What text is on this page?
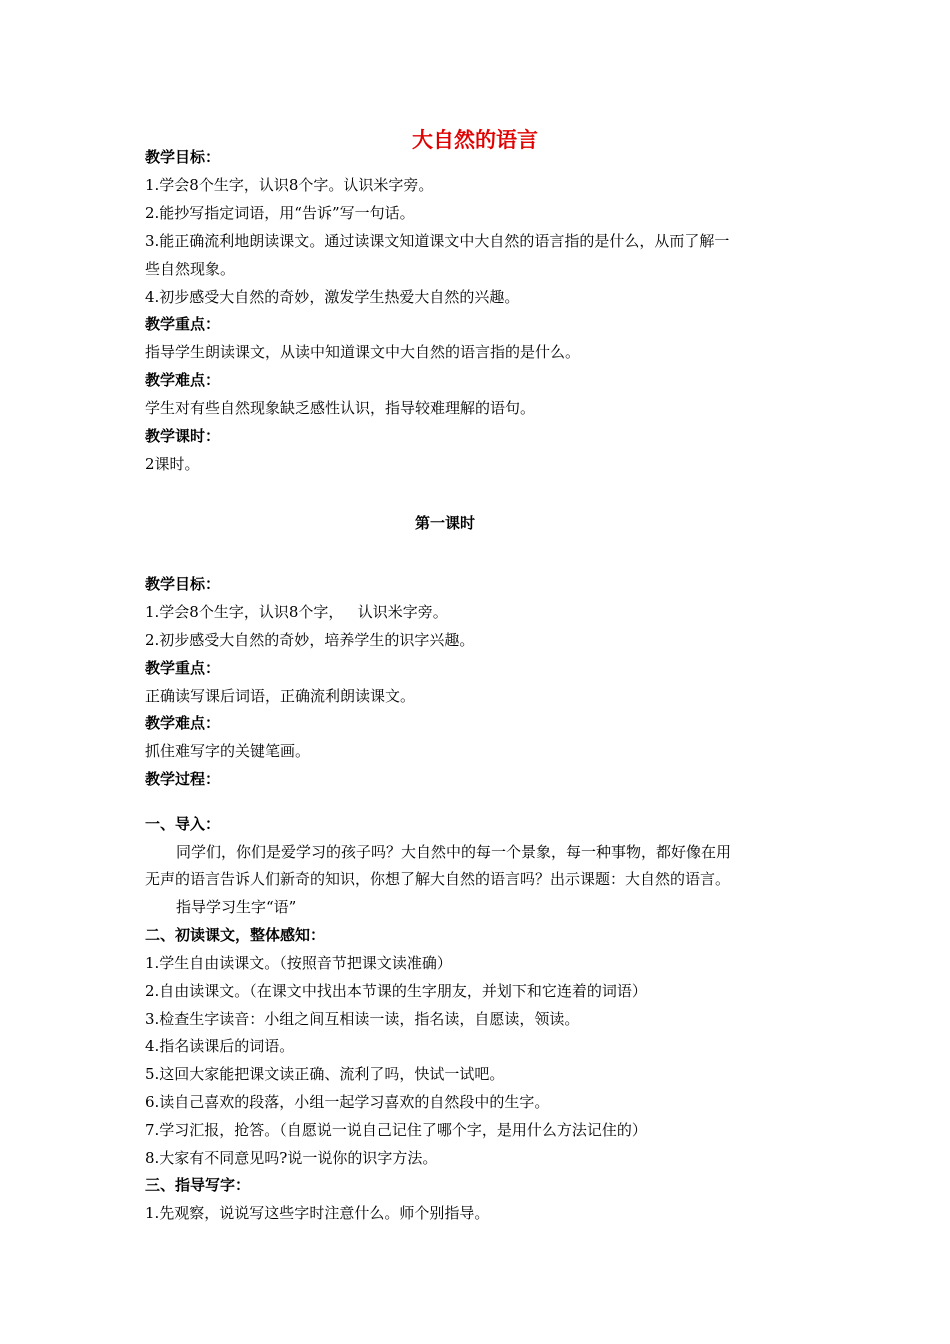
大自然的语言
教学目标：
1.学会8个生字，认识8个字。认识米字旁。
2.能抄写指定词语，用“告诉”写一句话。
3.能正确流利地朗读课文。通过读课文知道课文中大自然的语言指的是什么，从而了解一
些自然现象。
4.初步感受大自然的奇妙，激发学生热爱大自然的兴趣。
教学重点：
指导学生朗读课文，从读中知道课文中大自然的语言指的是什么。
教学难点：
学生对有些自然现象缺乏感性认识，指导较难理解的语句。
教学课时：
2课时。
第一课时
教学目标：
1.学会8个生字，认识8个字，   认识米字旁。
2.初步感受大自然的奇妙，培养学生的识字兴趣。
教学重点：
正确读写课后词语，正确流利朗读课文。
教学难点：
抓住难写字的关键笔画。
教学过程：
一、导入：
同学们，你们是爱学习的孩子吗？大自然中的每一个景象，每一种事物，都好像在用
无声的语言告诉人们新奇的知识，你想了解大自然的语言吗？出示课题：大自然的语言。
指导学习生字“语”
二、初读课文，整体感知：
1.学生自由读课文。（按照音节把课文读准确）
2.自由读课文。（在课文中找出本节课的生字朋友，并划下和它连着的词语）
3.检查生字读音：小组之间互相读一读，指名读，自愿读，领读。
4.指名读课后的词语。
5.这回大家能把课文读正确、流利了吗，快试一试吧。
6.读自己喜欢的段落，小组一起学习喜欢的自然段中的生字。
7.学习汇报，抢答。（自愿说一说自己记住了哪个字，是用什么方法记住的）
8.大家有不同意见吗?说一说你的识字方法。
三、指导写字：
1.先观察，说说写这些字时注意什么。师个别指导。
